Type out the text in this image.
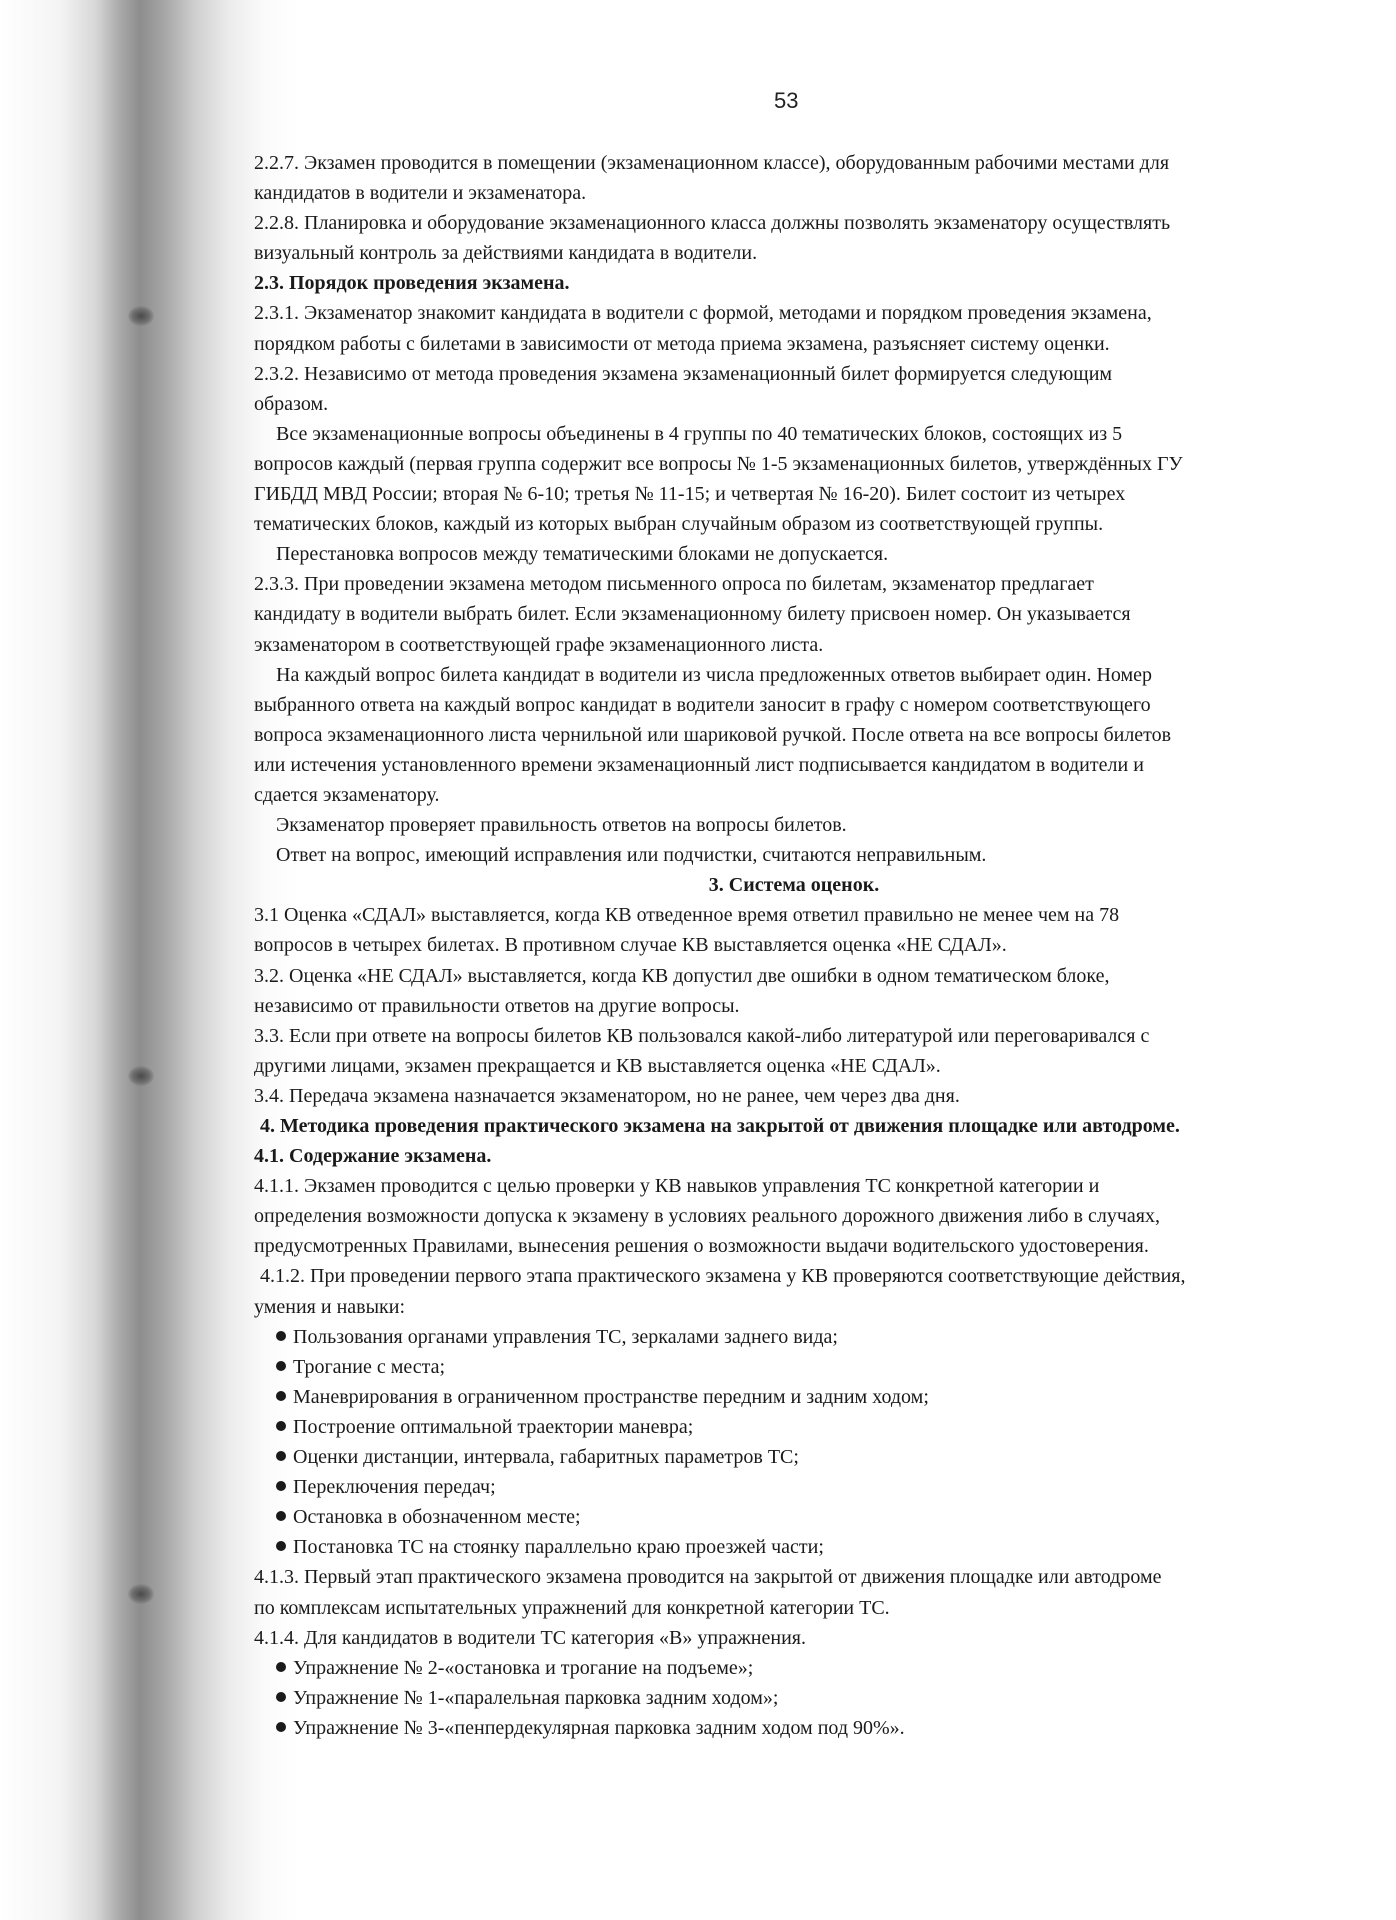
53

2.2.7. Экзамен проводится в помещении (экзаменационном классе), оборудованным рабочими местами для

кандидатов в водители и экзаменатора.

2.2.8. Планировка и оборудование экзаменационного класса должны позволять экзаменатору осуществлять

визуальный контроль за действиями кандидата в водители.

2.3. Порядок проведения экзамена.

2.3.1. Экзаменатор знакомит кандидата в водители с формой, методами и порядком проведения экзамена,

порядком работы с билетами в зависимости от метода приема экзамена, разъясняет систему оценки.

2.3.2. Независимо от метода проведения экзамена экзаменационный билет формируется следующим

образом.

Все экзаменационные вопросы объединены в 4 группы по 40 тематических блоков, состоящих из 5

вопросов каждый (первая группа содержит все вопросы № 1-5 экзаменационных билетов, утверждённых ГУ

ГИБДД МВД России; вторая № 6-10; третья № 11-15; и четвертая № 16-20). Билет состоит из четырех

тематических блоков, каждый из которых выбран случайным образом из соответствующей группы.

Перестановка вопросов между тематическими блоками не допускается.

2.3.3. При проведении экзамена методом письменного опроса по билетам, экзаменатор предлагает

кандидату в водители выбрать билет. Если экзаменационному билету присвоен номер. Он указывается

экзаменатором в соответствующей графе экзаменационного листа.

На каждый вопрос билета кандидат в водители из числа предложенных ответов выбирает один. Номер

выбранного ответа на каждый вопрос кандидат в водители заносит в графу с номером соответствующего

вопроса экзаменационного листа чернильной или шариковой ручкой. После ответа на все вопросы билетов

или истечения установленного времени экзаменационный лист подписывается кандидатом в водители и

сдается экзаменатору.

Экзаменатор проверяет правильность ответов на вопросы билетов.

Ответ на вопрос, имеющий исправления или подчистки, считаются неправильным.

3. Система оценок.

3.1 Оценка «СДАЛ» выставляется, когда КВ отведенное время ответил правильно не менее чем на 78

вопросов в четырех билетах. В противном случае КВ выставляется оценка «НЕ СДАЛ».

3.2. Оценка «НЕ СДАЛ» выставляется, когда КВ допустил две ошибки в одном тематическом блоке,

независимо от правильности ответов на другие вопросы.

3.3. Если при ответе на вопросы билетов КВ пользовался какой-либо литературой или переговаривался с

другими лицами, экзамен прекращается и КВ выставляется оценка «НЕ СДАЛ».

3.4. Передача экзамена назначается экзаменатором, но не ранее, чем через два дня.

4. Методика проведения практического экзамена на закрытой от движения площадке или автодроме.

4.1. Содержание экзамена.

4.1.1. Экзамен проводится с целью проверки у КВ навыков управления ТС конкретной категории и

определения возможности допуска к экзамену в условиях реального дорожного движения либо в случаях,

предусмотренных Правилами, вынесения решения о возможности выдачи водительского удостоверения.

4.1.2. При проведении первого этапа практического экзамена у КВ проверяются соответствующие действия,

умения и навыки:

Пользования органами управления ТС, зеркалами заднего вида;

Трогание с места;

Маневрирования в ограниченном пространстве передним и задним ходом;

Построение оптимальной траектории маневра;

Оценки дистанции, интервала, габаритных параметров ТС;

Переключения передач;

Остановка в обозначенном месте;

Постановка ТС на стоянку параллельно краю проезжей части;

4.1.3. Первый этап практического экзамена проводится на закрытой от движения площадке или автодроме

по комплексам испытательных упражнений для конкретной категории ТС.

4.1.4. Для кандидатов в водители ТС категория «В» упражнения.

Упражнение № 2-«остановка и трогание на подъеме»;

Упражнение № 1-«паралельная парковка задним ходом»;

Упражнение № 3-«пенпердекулярная парковка задним ходом под 90%».
